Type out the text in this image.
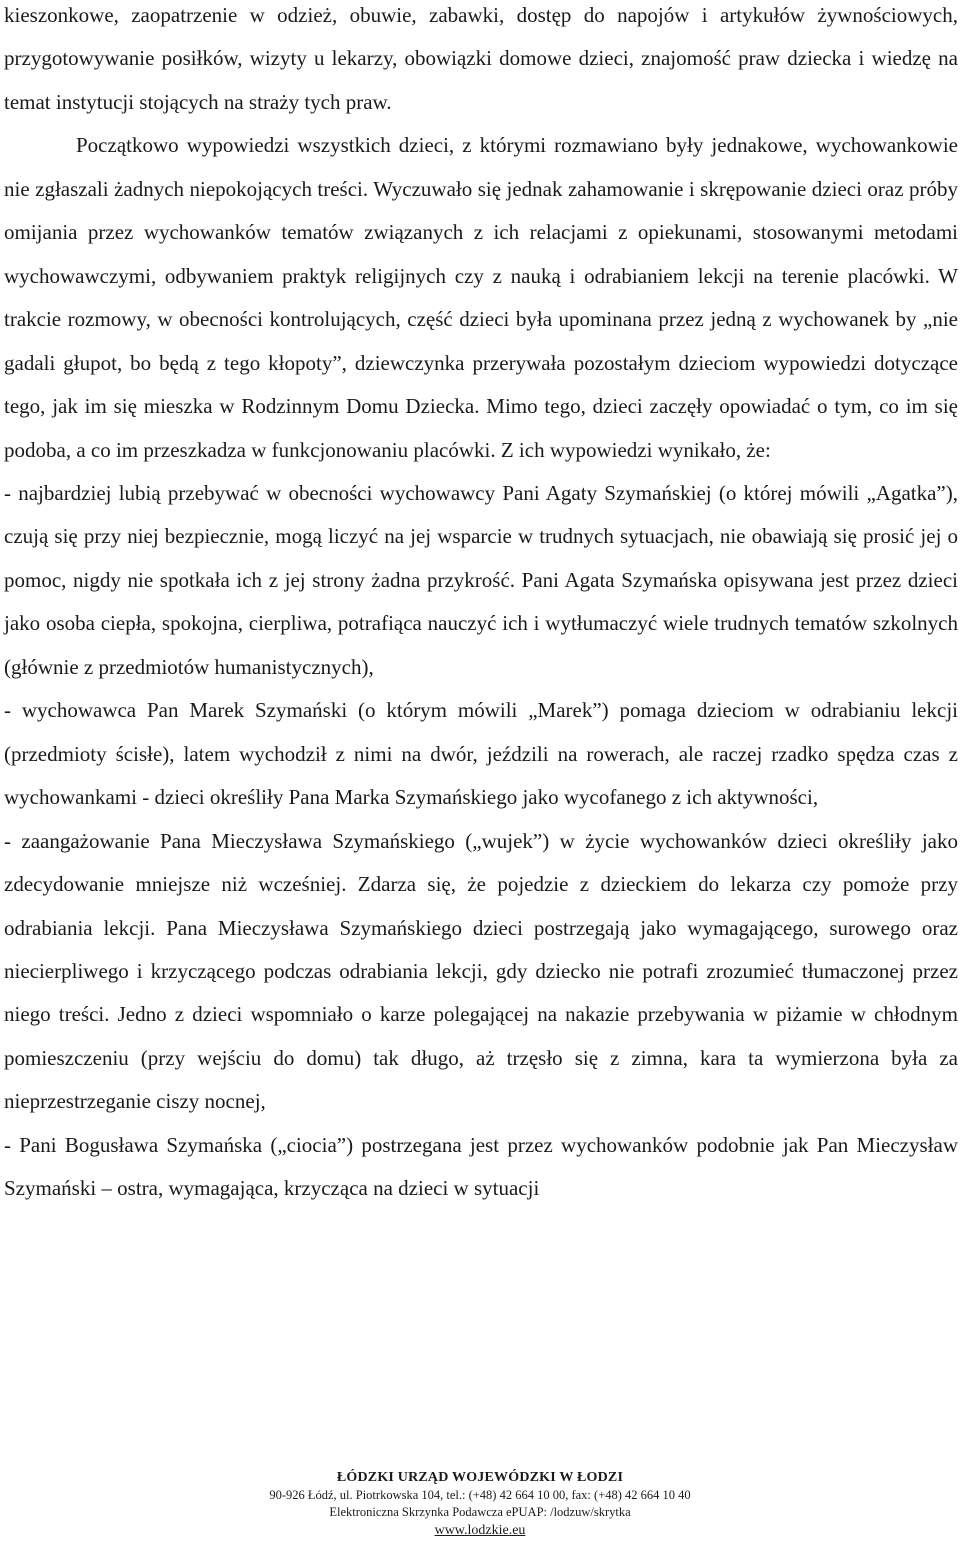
kieszonkowe, zaopatrzenie w odzież, obuwie, zabawki, dostęp do napojów i artykułów żywnościowych, przygotowywanie posiłków, wizyty u lekarzy, obowiązki domowe dzieci, znajomość praw dziecka i wiedzę na temat instytucji stojących na straży tych praw.

Początkowo wypowiedzi wszystkich dzieci, z którymi rozmawiano były jednakowe, wychowankowie nie zgłaszali żadnych niepokojących treści. Wyczuwało się jednak zahamowanie i skrępowanie dzieci oraz próby omijania przez wychowanków tematów związanych z ich relacjami z opiekunami, stosowanymi metodami wychowawczymi, odbywaniem praktyk religijnych czy z nauką i odrabianiem lekcji na terenie placówki. W trakcie rozmowy, w obecności kontrolujących, część dzieci była upominana przez jedną z wychowanek by „nie gadali głupot, bo będą z tego kłopoty”, dziewczynka przerywała pozostałym dzieciom wypowiedzi dotyczące tego, jak im się mieszka w Rodzinnym Domu Dziecka. Mimo tego, dzieci zaczęły opowiadać o tym, co im się podoba, a co im przeszkadza w funkcjonowaniu placówki. Z ich wypowiedzi wynikało, że:

- najbardziej lubią przebywać w obecności wychowawcy Pani Agaty Szymańskiej (o której mówili „Agatka”), czują się przy niej bezpiecznie, mogą liczyć na jej wsparcie w trudnych sytuacjach, nie obawiają się prosić jej o pomoc, nigdy nie spotkała ich z jej strony żadna przykrość. Pani Agata Szymańska opisywana jest przez dzieci jako osoba ciepła, spokojna, cierpliwa, potrafiąca nauczyć ich i wytłumaczyć wiele trudnych tematów szkolnych (głównie z przedmiotów humanistycznych),

- wychowawca Pan Marek Szymański (o którym mówili „Marek”) pomaga dzieciom w odrabianiu lekcji (przedmioty ścisłe), latem wychodził z nimi na dwór, jeździli na rowerach, ale raczej rzadko spędza czas z wychowankami - dzieci określiły Pana Marka Szymańskiego jako wycofanego z ich aktywności,

- zaangażowanie Pana Mieczysława Szymańskiego („wujek”) w życie wychowanków dzieci określiły jako zdecydowanie mniejsze niż wcześniej. Zdarza się, że pojedzie z dzieckiem do lekarza czy pomoże przy odrabiania lekcji. Pana Mieczysława Szymańskiego dzieci postrzegają jako wymagającego, surowego oraz niecierpliwego i krzyczącego podczas odrabiania lekcji, gdy dziecko nie potrafi zrozumieć tłumaczonej przez niego treści. Jedno z dzieci wspomniało o karze polegającej na nakazie przebywania w piżamie w chłodnym pomieszczeniu (przy wejściu do domu) tak długo, aż trzęsło się z zimna, kara ta wymierzona była za nieprzestrzeganie ciszy nocnej,

- Pani Bogusława Szymańska („ciocia”) postrzegana jest przez wychowanków podobnie jak Pan Mieczysław Szymański – ostra, wymagająca, krzycząca na dzieci w sytuacji

ŁÓDZKI URZĄD WOJEWÓDZKI W ŁODZI
90-926 Łódź, ul. Piotrkowska 104, tel.: (+48) 42 664 10 00, fax: (+48) 42 664 10 40
Elektroniczna Skrzynka Podawcza ePUAP: /lodzuw/skrytka
www.lodzkie.eu
